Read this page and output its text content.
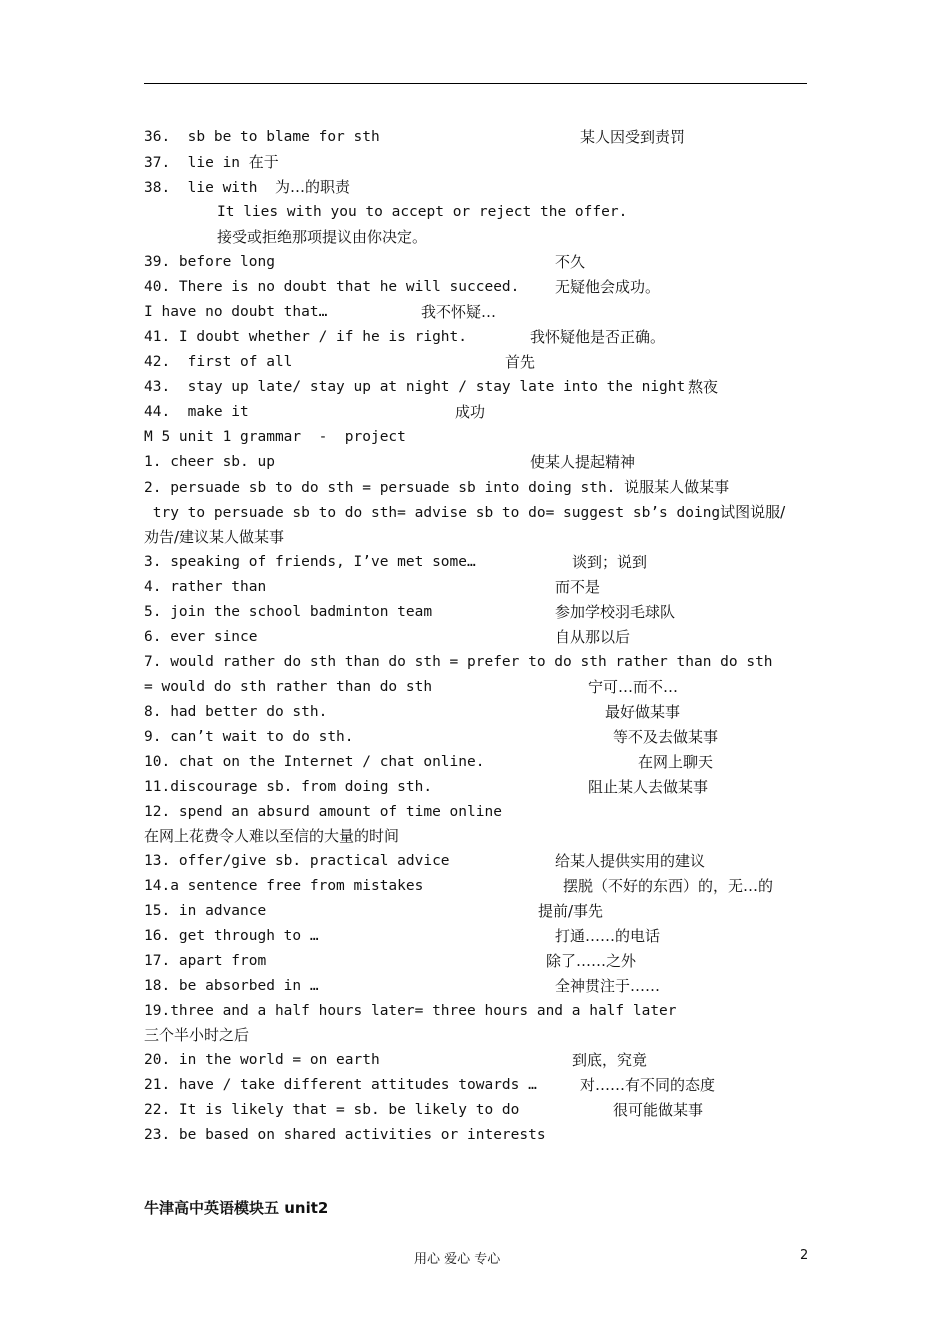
36.  sb be to blame for sth	某人因受到责罚
37.  lie in 在于
38.  lie with  为…的职责
It lies with you to accept or reject the offer.
接受或拒绝那项提议由你决定。
39. before long	不久
40. There is no doubt that he will succeed. 无疑他会成功。
I have no doubt that…	我不怀疑…
41. I doubt whether / if he is right.	我怀疑他是否正确。
42.  first of all	首先
43.  stay up late/ stay up at night / stay late into the night 熬夜
44.  make it	成功
M 5 unit 1 grammar  -  project
1. cheer sb. up	使某人提起精神
2. persuade sb to do sth = persuade sb into doing sth. 说服某人做某事
try to persuade sb to do sth= advise sb to do= suggest sb’s doing试图说服/
劝告/建议某人做某事
3. speaking of friends, I’ve met some…	谈到；说到
4. rather than	而不是
5. join the school badminton team	参加学校羽毛球队
6. ever since	自从那以后
7. would rather do sth than do sth = prefer to do sth rather than do sth
= would do sth rather than do sth	宁可…而不…
8. had better do sth.	最好做某事
9. can’t wait to do sth.	等不及去做某事
10. chat on the Internet / chat online.	在网上聊天
11.discourage sb. from doing sth.	阻止某人去做某事
12. spend an absurd amount of time online
在网上花费令人难以至信的大量的时间
13. offer/give sb. practical advice	给某人提供实用的建议
14.a sentence free from mistakes	摆脱（不好的东西）的，无…的
15. in advance	提前/事先
16. get through to …	打通……的电话
17. apart from	除了……之外
18. be absorbed in …	全神贯注于……
19.three and a half hours later= three hours and a half later
三个半小时之后
20. in the world = on earth	到底，究竟
21. have / take different attitudes towards …	对……有不同的态度
22. It is likely that = sb. be likely to do	很可能做某事
23. be based on shared activities or interests
牛津高中英语模块五 unit2
用心 爱心 专心	2
